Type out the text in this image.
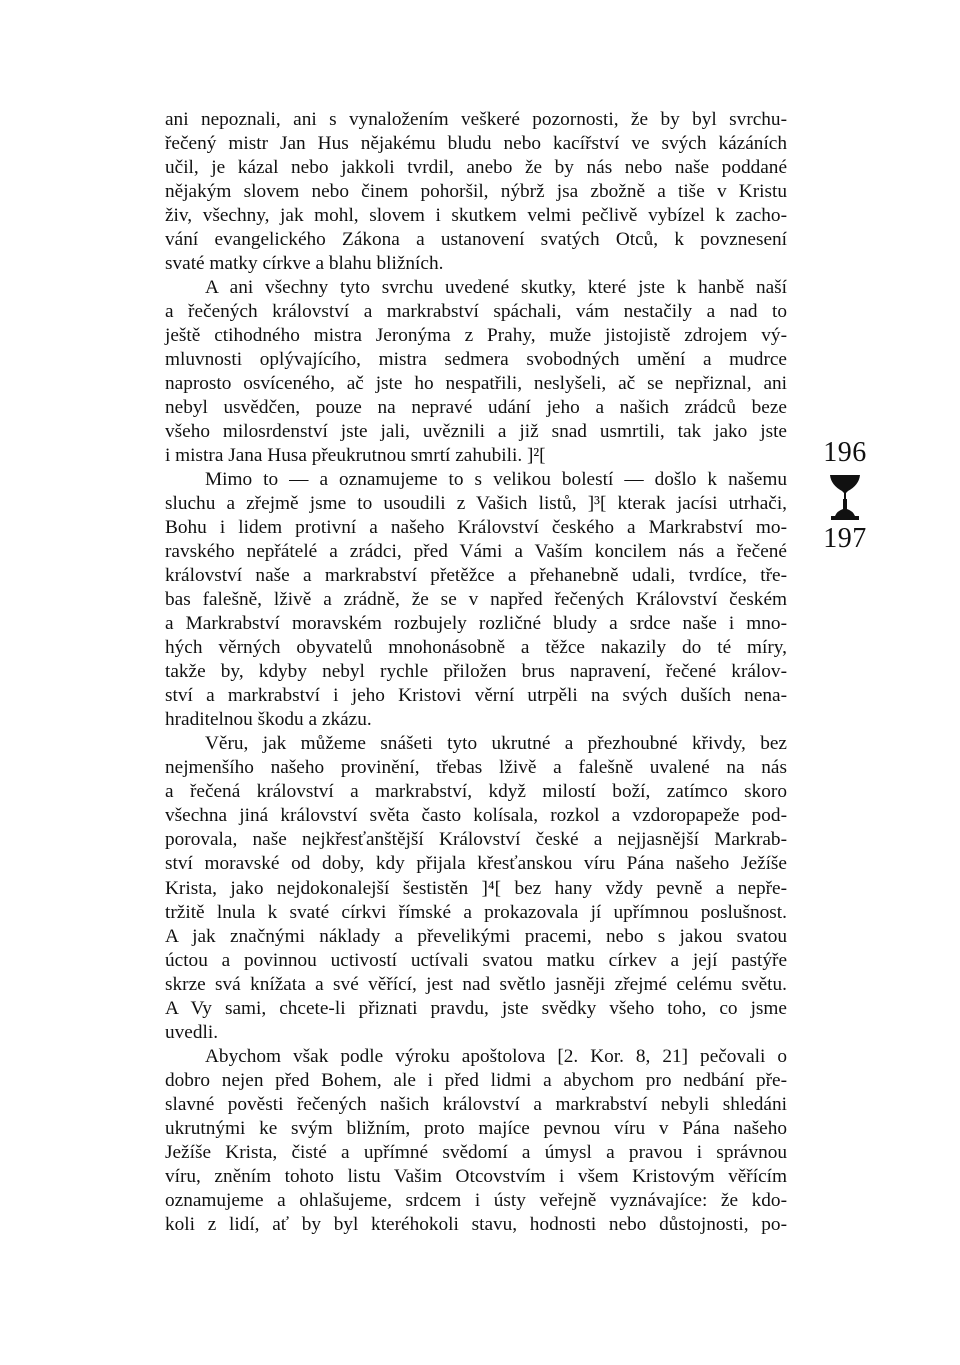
ani nepoznali, ani s vynaložením veškeré pozornosti, že by byl svrchu-
řečený mistr Jan Hus nějakému bludu nebo kacířství ve svých kázáních
učil, je kázal nebo jakkoli tvrdil, anebo že by nás nebo naše poddané
nějakým slovem nebo činem pohoršil, nýbrž jsa zbožně a tiše v Kristu
živ, všechny, jak mohl, slovem i skutkem velmi pečlivě vybízel k zacho-
vání evangelického Zákona a ustanovení svatých Otců, k povznesení
svaté matky církve a blahu bližních.
A ani všechny tyto svrchu uvedené skutky, které jste k hanbě naší
a řečených království a markrabství spáchali, vám nestačily a nad to
ještě ctihodného mistra Jeronýma z Prahy, muže jistojistě zdrojem vý-
mluvnosti oplývajícího, mistra sedmera svobodných umění a mudrce
naprosto osvíceného, ač jste ho nespatřili, neslyšeli, ač se nepřiznal, ani
nebyl usvědčen, pouze na nepravé udání jeho a našich zrádců beze
všeho milosrdenství jste jali, uvěznili a již snad usmrtili, tak jako jste
i mistra Jana Husa přeukrutnou smrtí zahubili. ]²[
Mimo to — a oznamujeme to s velikou bolestí — došlo k našemu
sluchu a zřejmě jsme to usoudili z Vašich listů, ]³[ kterak jacísi utrhači,
Bohu i lidem protivní a našeho Království českého a Markrabství mo-
ravského nepřátelé a zrádci, před Vámi a Vaším koncilem nás a řečené
království naše a markrabství přetěžce a přehanebně udali, tvrdíce, tře-
bas falešně, lživě a zrádně, že se v napřed řečených Království českém
a Markrabství moravském rozbujely rozličné bludy a srdce naše i mno-
hých věrných obyvatelů mnohonásobně a těžce nakazily do té míry,
takže by, kdyby nebyl rychle přiložen brus napravení, řečené králov-
ství a markrabství i jeho Kristovi věrní utrpěli na svých duších nena-
hraditelnou škodu a zkázu.
Věru, jak můžeme snášeti tyto ukrutné a přezhoubné křivdy, bez
nejmenšího našeho provinění, třebas lživě a falešně uvalené na nás
a řečená království a markrabství, když milostí boží, zatímco skoro
všechna jiná království světa často kolísala, rozkol a vzdoropapeže pod-
porovala, naše nejkřesťanštější Království české a nejjasnější Markrab-
ství moravské od doby, kdy přijala křesťanskou víru Pána našeho Ježíše
Krista, jako nejdokonalejší šestistěn ]⁴[ bez hany vždy pevně a nepře-
tržitě lnula k svaté církvi římské a prokazovala jí upřímnou poslušnost.
A jak značnými náklady a převelikými pracemi, nebo s jakou svatou
úctou a povinnou uctivostí uctívali svatou matku církev a její pastýře
skrze svá knížata a své věřící, jest nad světlo jasněji zřejmé celému světu.
A Vy sami, chcete-li přiznati pravdu, jste svědky všeho toho, co jsme
uvedli.
Abychom však podle výroku apoštolova [2. Kor. 8, 21] pečovali o
dobro nejen před Bohem, ale i před lidmi a abychom pro nedbání pře-
slavné pověsti řečených našich království a markrabství nebyli shledáni
ukrutnými ke svým bližním, proto majíce pevnou víru v Pána našeho
Ježíše Krista, čisté a upřímné svědomí a úmysl a pravou i správnou
víru, zněním tohoto listu Vašim Otcovstvím i všem Kristovým věřícím
oznamujeme a ohlašujeme, srdcem i ústy veřejně vyznávajíce: že kdo-
koli z lidí, ať by byl kteréhokoli stavu, hodnosti nebo důstojnosti, po-
196
197
